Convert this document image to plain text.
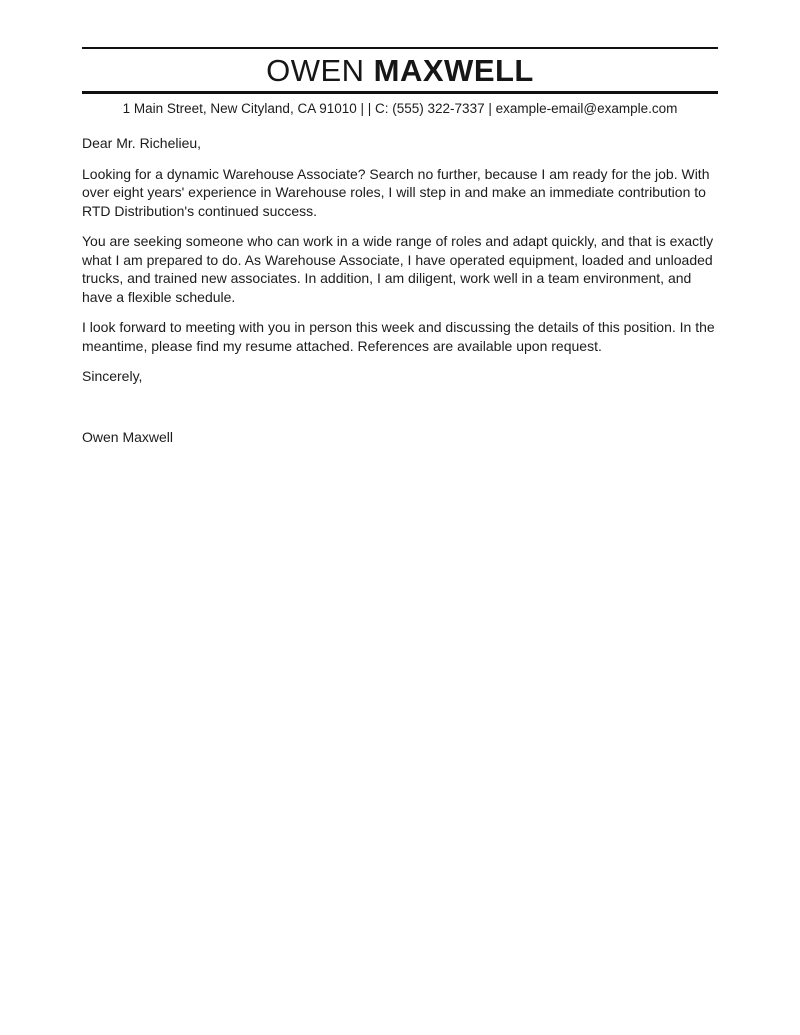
OWEN MAXWELL
1 Main Street, New Cityland, CA 91010 | | C: (555) 322-7337 | example-email@example.com

Dear Mr. Richelieu,

Looking for a dynamic Warehouse Associate? Search no further, because I am ready for the job. With over eight years' experience in Warehouse roles, I will step in and make an immediate contribution to RTD Distribution's continued success.

You are seeking someone who can work in a wide range of roles and adapt quickly, and that is exactly what I am prepared to do. As Warehouse Associate, I have operated equipment, loaded and unloaded trucks, and trained new associates. In addition, I am diligent, work well in a team environment, and have a flexible schedule.

I look forward to meeting with you in person this week and discussing the details of this position. In the meantime, please find my resume attached. References are available upon request.

Sincerely,

Owen Maxwell
